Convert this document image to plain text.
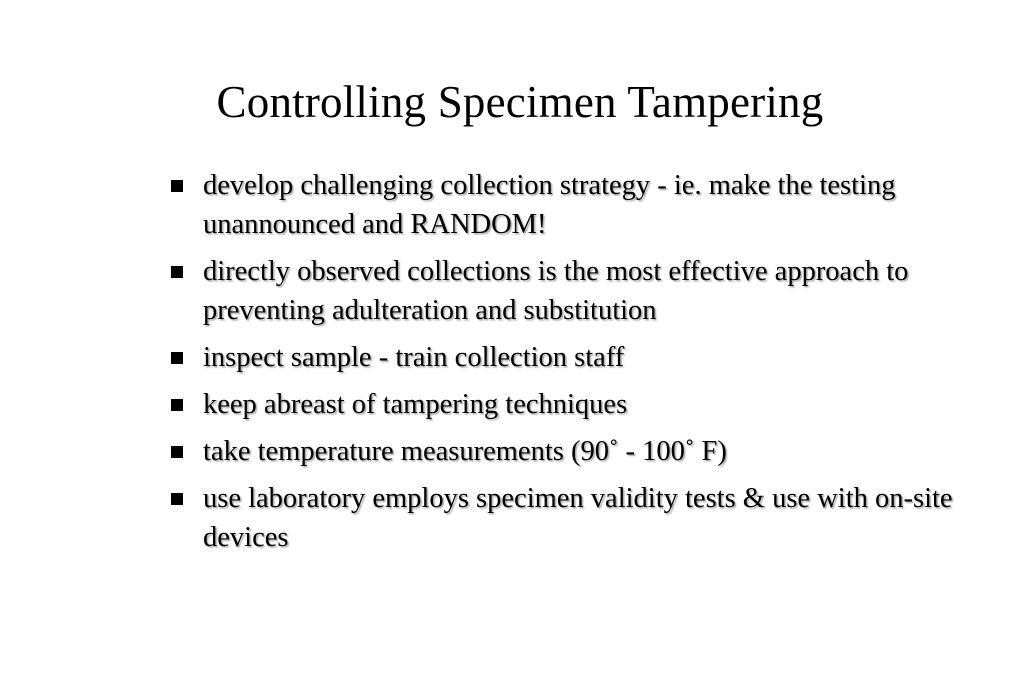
Controlling Specimen Tampering
develop challenging collection strategy - ie. make the testing unannounced and RANDOM!
directly observed collections is the most effective approach to preventing adulteration and substitution
inspect sample - train collection staff
keep abreast of tampering techniques
take temperature measurements (90˚ - 100˚ F)
use laboratory employs specimen validity tests & use with on-site devices
